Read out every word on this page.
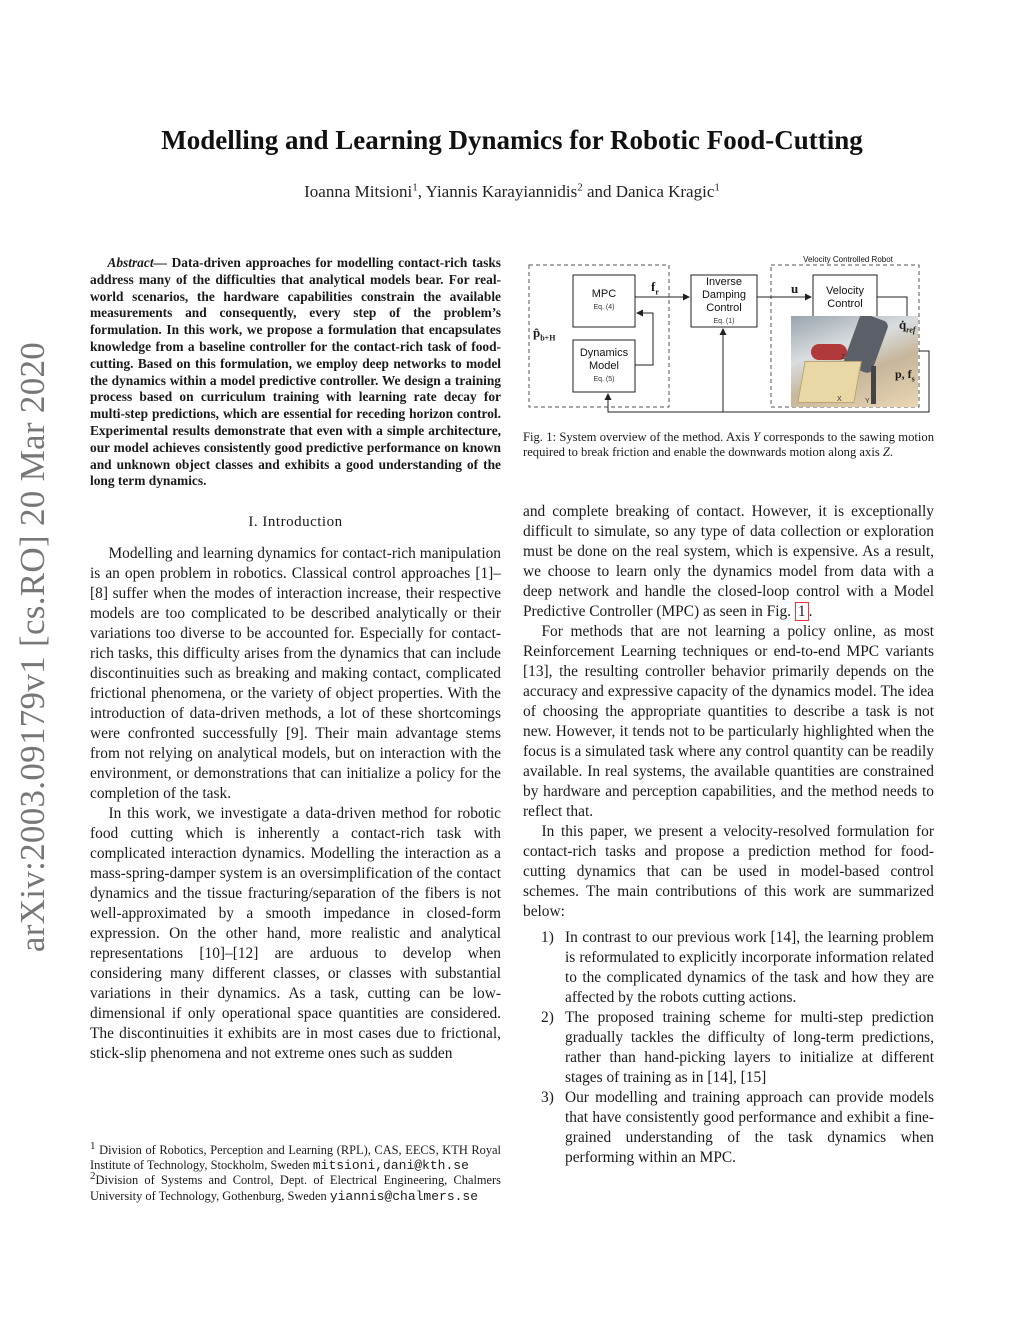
arXiv:2003.09179v1 [cs.RO] 20 Mar 2020
Modelling and Learning Dynamics for Robotic Food-Cutting
Ioanna Mitsioni$^1$, Yiannis Karayiannidis$^2$ and Danica Kragic$^1$

Abstract— Data-driven approaches for modelling contact-rich tasks address many of the difficulties that analytical models bear. For real-world scenarios, the hardware capabilities constrain the available measurements and consequently, every step of the problem’s formulation. In this work, we propose a formulation that encapsulates knowledge from a baseline controller for the contact-rich task of food-cutting. Based on this formulation, we employ deep networks to model the dynamics within a model predictive controller. We design a training process based on curriculum training with learning rate decay for multi-step predictions, which are essential for receding horizon control. Experimental results demonstrate that even with a simple architecture, our model achieves consistently good predictive performance on known and unknown object classes and exhibits a good understanding of the long term dynamics.

I. Introduction

Modelling and learning dynamics for contact-rich manipulation is an open problem in robotics. Classical control approaches [1]–[8] suffer when the modes of interaction increase, their respective models are too complicated to be described analytically or their variations too diverse to be accounted for. Especially for contact-rich tasks, this difficulty arises from the dynamics that can include discontinuities such as breaking and making contact, complicated frictional phenomena, or the variety of object properties. With the introduction of data-driven methods, a lot of these shortcomings were confronted successfully [9]. Their main advantage stems from not relying on analytical models, but on interaction with the environment, or demonstrations that can initialize a policy for the completion of the task.

In this work, we investigate a data-driven method for robotic food cutting which is inherently a contact-rich task with complicated interaction dynamics. Modelling the interaction as a mass-spring-damper system is an oversimplification of the contact dynamics and the tissue fracturing/separation of the fibers is not well-approximated by a smooth impedance in closed-form expression. On the other hand, more realistic and analytical representations [10]–[12] are arduous to develop when considering many different classes, or classes with substantial variations in their dynamics. As a task, cutting can be low-dimensional if only operational space quantities are considered. The discontinuities it exhibits are in most cases due to frictional, stick-slip phenomena and not extreme ones such as sudden

$^1$ Division of Robotics, Perception and Learning (RPL), CAS, EECS, KTH Royal Institute of Technology, Stockholm, Sweden mitsioni,dani@kth.se
$^2$Division of Systems and Control, Dept. of Electrical Engineering, Chalmers University of Technology, Gothenburg, Sweden yiannis@chalmers.se
Velocity Controlled Robot
MPC
Eq. (4)
Dynamics
Model
Eq. (5)
Inverse
Damping
Control
Eq. (1)
Velocity
Control
Z
X	Y
$f_r$	u
$p̂_{b+H}$
$q̇_{ref}$
p, $f_s$
Fig. 1: System overview of the method. Axis Y corresponds to the sawing motion required to break friction and enable the downwards motion along axis Z.

and complete breaking of contact. However, it is exceptionally difficult to simulate, so any type of data collection or exploration must be done on the real system, which is expensive. As a result, we choose to learn only the dynamics model from data with a deep network and handle the closed-loop control with a Model Predictive Controller (MPC) as seen in Fig. 1 .

For methods that are not learning a policy online, as most Reinforcement Learning techniques or end-to-end MPC variants [13], the resulting controller behavior primarily depends on the accuracy and expressive capacity of the dynamics model. The idea of choosing the appropriate quantities to describe a task is not new. However, it tends not to be particularly highlighted when the focus is a simulated task where any control quantity can be readily available. In real systems, the available quantities are constrained by hardware and perception capabilities, and the method needs to reflect that.

In this paper, we present a velocity-resolved formulation for contact-rich tasks and propose a prediction method for food-cutting dynamics that can be used in model-based control schemes. The main contributions of this work are summarized below:

1) In contrast to our previous work [14], the learning problem is reformulated to explicitly incorporate information related to the complicated dynamics of the task and how they are affected by the robots cutting actions.
2) The proposed training scheme for multi-step prediction gradually tackles the difficulty of long-term predictions, rather than hand-picking layers to initialize at different stages of training as in [14], [15]
3) Our modelling and training approach can provide models that have consistently good performance and exhibit a fine-grained understanding of the task dynamics when performing within an MPC.
